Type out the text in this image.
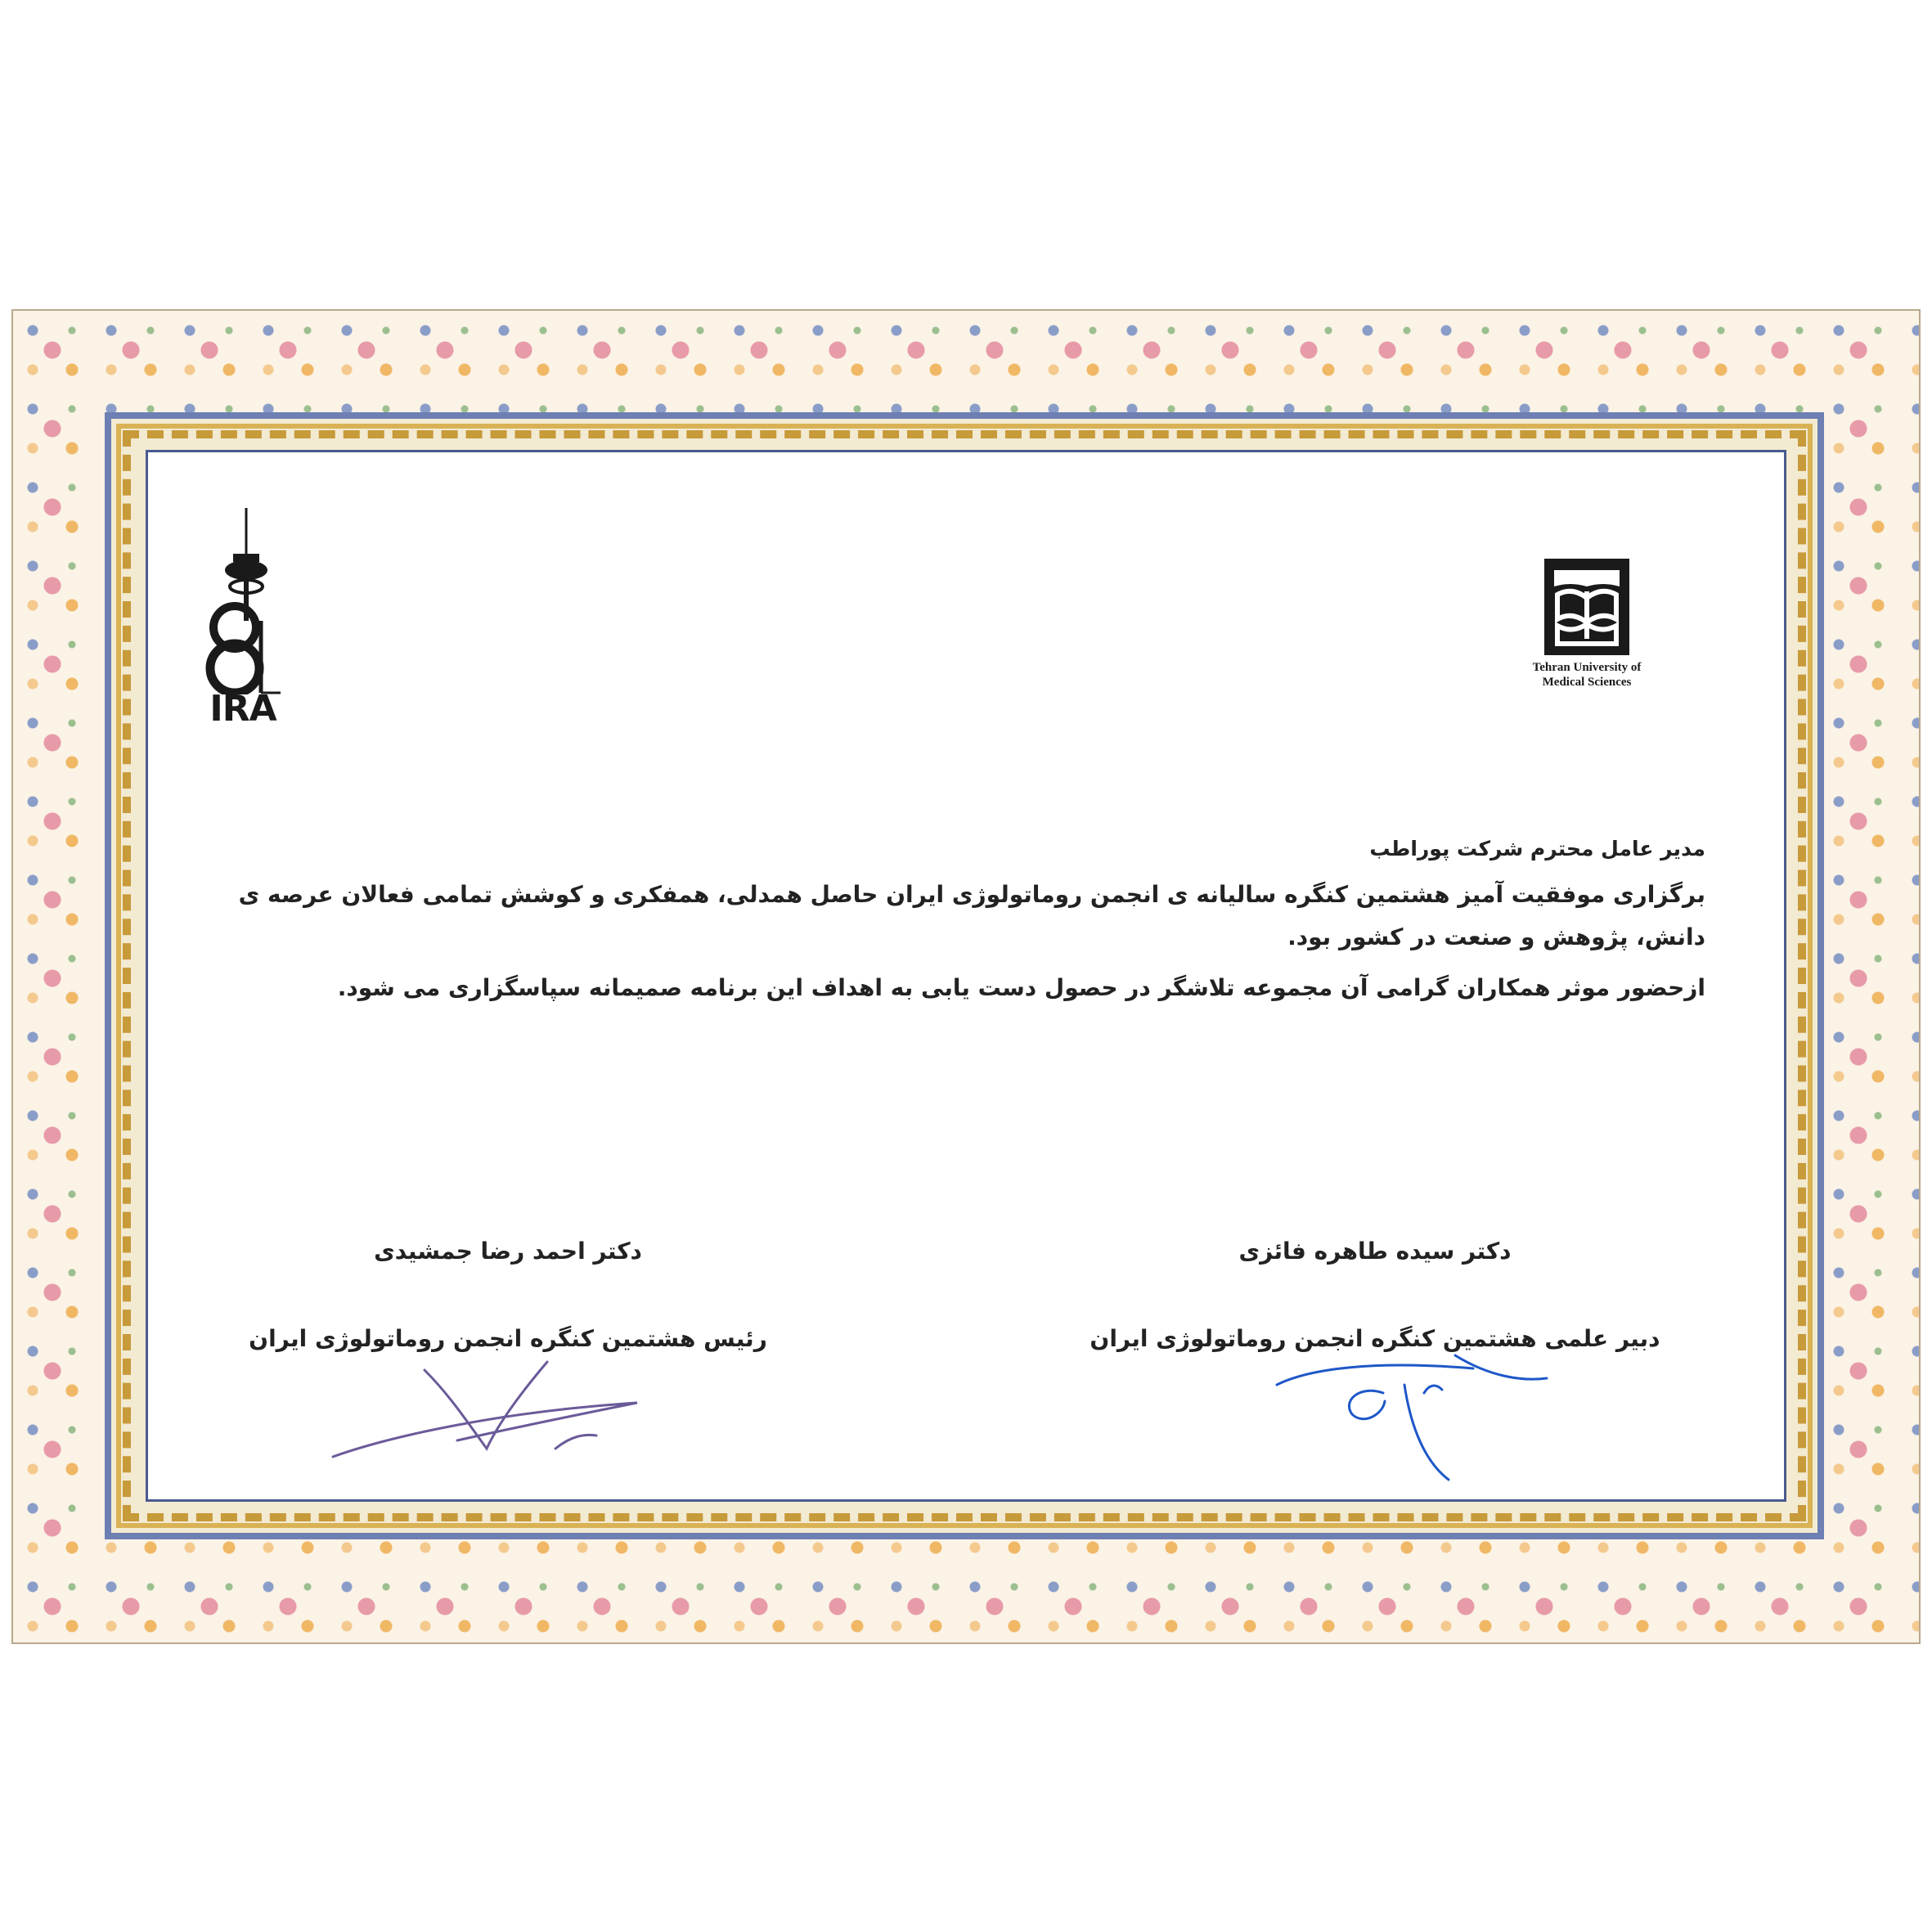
IRA
Tehran University of
Medical Sciences

مدیر عامل محترم شرکت پوراطب

برگزاری موفقیت آمیز هشتمین کنگره سالیانه ی انجمن روماتولوژی ایران حاصل همدلی، همفکری و کوشش تمامی فعالان عرصه ی دانش، پژوهش و صنعت در کشور بود.

ازحضور موثر همکاران گرامی آن مجموعه تلاشگر در حصول دست یابی به اهداف این برنامه صمیمانه سپاسگزاری می شود.

دکتر احمد رضا جمشیدی

رئیس هشتمین کنگره انجمن روماتولوژی ایران

دکتر سیده طاهره فائزی

دبیر علمی هشتمین کنگره انجمن روماتولوژی ایران
